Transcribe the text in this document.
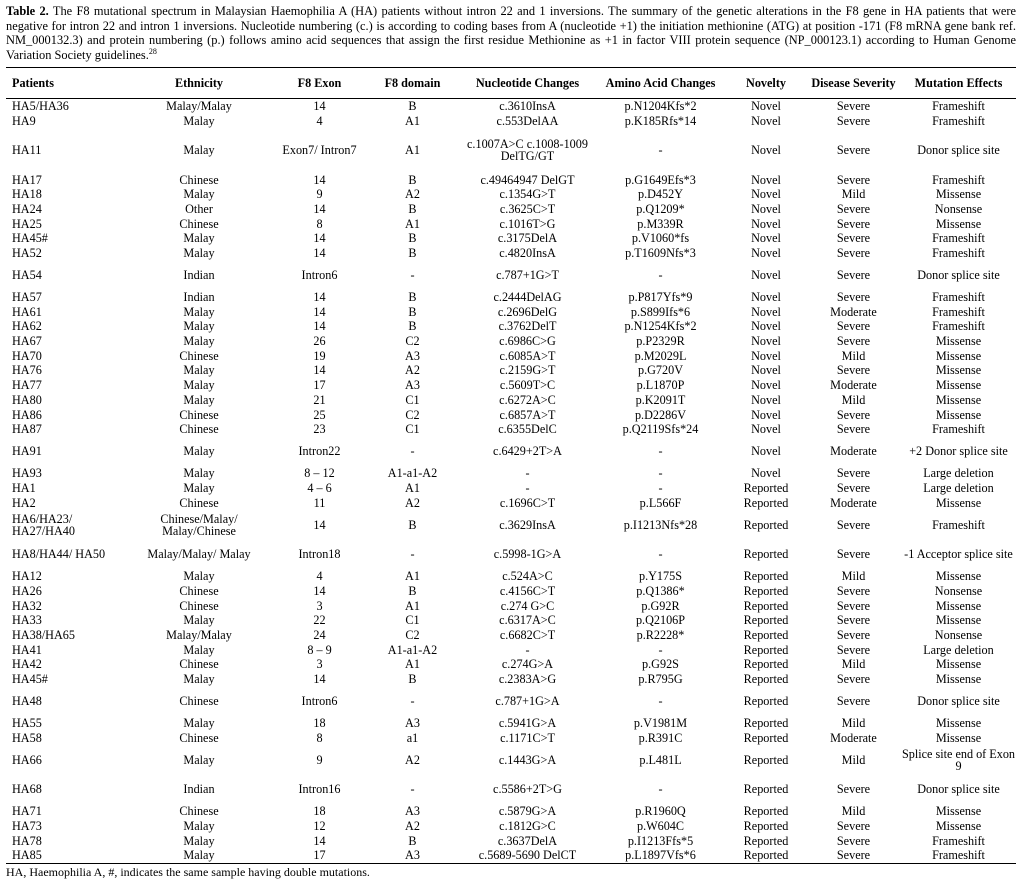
Table 2. The F8 mutational spectrum in Malaysian Haemophilia A (HA) patients without intron 22 and 1 inversions. The summary of the genetic alterations in the F8 gene in HA patients that were negative for intron 22 and intron 1 inversions. Nucleotide numbering (c.) is according to coding bases from A (nucleotide +1) the initiation methionine (ATG) at position -171 (F8 mRNA gene bank ref. NM_000132.3) and protein numbering (p.) follows amino acid sequences that assign the first residue Methionine as +1 in factor VIII protein sequence (NP_000123.1) according to Human Genome Variation Society guidelines.$^{28}$

Patients	Ethnicity	F8 Exon	F8 domain	Nucleotide Changes	Amino Acid Changes	Novelty	Disease Severity	Mutation Effects
HA5/HA36	Malay/Malay	14	B	c.3610InsA	p.N1204Kfs*2	Novel	Severe	Frameshift
HA9	Malay	4	A1	c.553DelAA	p.K185Rfs*14	Novel	Severe	Frameshift
HA11	Malay	Exon7/ Intron7	A1	c.1007A>C c.1008-1009 DelTG/GT	-	Novel	Severe	Donor splice site
HA17	Chinese	14	B	c.49464947 DelGT	p.G1649Efs*3	Novel	Severe	Frameshift
HA18	Malay	9	A2	c.1354G>T	p.D452Y	Novel	Mild	Missense
HA24	Other	14	B	c.3625C>T	p.Q1209*	Novel	Severe	Nonsense
HA25	Chinese	8	A1	c.1016T>G	p.M339R	Novel	Severe	Missense
HA45#	Malay	14	B	c.3175DelA	p.V1060*fs	Novel	Severe	Frameshift
HA52	Malay	14	B	c.4820InsA	p.T1609Nfs*3	Novel	Severe	Frameshift
HA54	Indian	Intron6	-	c.787+1G>T	-	Novel	Severe	Donor splice site
HA57	Indian	14	B	c.2444DelAG	p.P817Yfs*9	Novel	Severe	Frameshift
HA61	Malay	14	B	c.2696DelG	p.S899Ifs*6	Novel	Moderate	Frameshift
HA62	Malay	14	B	c.3762DelT	p.N1254Kfs*2	Novel	Severe	Frameshift
HA67	Malay	26	C2	c.6986C>G	p.P2329R	Novel	Severe	Missense
HA70	Chinese	19	A3	c.6085A>T	p.M2029L	Novel	Mild	Missense
HA76	Malay	14	A2	c.2159G>T	p.G720V	Novel	Severe	Missense
HA77	Malay	17	A3	c.5609T>C	p.L1870P	Novel	Moderate	Missense
HA80	Malay	21	C1	c.6272A>C	p.K2091T	Novel	Mild	Missense
HA86	Chinese	25	C2	c.6857A>T	p.D2286V	Novel	Severe	Missense
HA87	Chinese	23	C1	c.6355DelC	p.Q2119Sfs*24	Novel	Severe	Frameshift
HA91	Malay	Intron22	-	c.6429+2T>A	-	Novel	Moderate	+2 Donor splice site
HA93	Malay	8 – 12	A1-a1-A2	-	-	Novel	Severe	Large deletion
HA1	Malay	4 – 6	A1	-	-	Reported	Severe	Large deletion
HA2	Chinese	11	A2	c.1696C>T	p.L566F	Reported	Moderate	Missense
HA6/HA23/ HA27/HA40	Chinese/Malay/ Malay/Chinese	14	B	c.3629InsA	p.I1213Nfs*28	Reported	Severe	Frameshift
HA8/HA44/ HA50	Malay/Malay/ Malay	Intron18	-	c.5998-1G>A	-	Reported	Severe	-1 Acceptor splice site
HA12	Malay	4	A1	c.524A>C	p.Y175S	Reported	Mild	Missense
HA26	Chinese	14	B	c.4156C>T	p.Q1386*	Reported	Severe	Nonsense
HA32	Chinese	3	A1	c.274 G>C	p.G92R	Reported	Severe	Missense
HA33	Malay	22	C1	c.6317A>C	p.Q2106P	Reported	Severe	Missense
HA38/HA65	Malay/Malay	24	C2	c.6682C>T	p.R2228*	Reported	Severe	Nonsense
HA41	Malay	8 – 9	A1-a1-A2	-	-	Reported	Severe	Large deletion
HA42	Chinese	3	A1	c.274G>A	p.G92S	Reported	Mild	Missense
HA45#	Malay	14	B	c.2383A>G	p.R795G	Reported	Severe	Missense
HA48	Chinese	Intron6	-	c.787+1G>A	-	Reported	Severe	Donor splice site
HA55	Malay	18	A3	c.5941G>A	p.V1981M	Reported	Mild	Missense
HA58	Chinese	8	a1	c.1171C>T	p.R391C	Reported	Moderate	Missense
HA66	Malay	9	A2	c.1443G>A	p.L481L	Reported	Mild	Splice site end of Exon 9
HA68	Indian	Intron16	-	c.5586+2T>G	-	Reported	Severe	Donor splice site
HA71	Chinese	18	A3	c.5879G>A	p.R1960Q	Reported	Mild	Missense
HA73	Malay	12	A2	c.1812G>C	p.W604C	Reported	Severe	Missense
HA78	Malay	14	B	c.3637DelA	p.I1213Ffs*5	Reported	Severe	Frameshift
HA85	Malay	17	A3	c.5689-5690 DelCT	p.L1897Vfs*6	Reported	Severe	Frameshift
HA, Haemophilia A, #, indicates the same sample having double mutations.
